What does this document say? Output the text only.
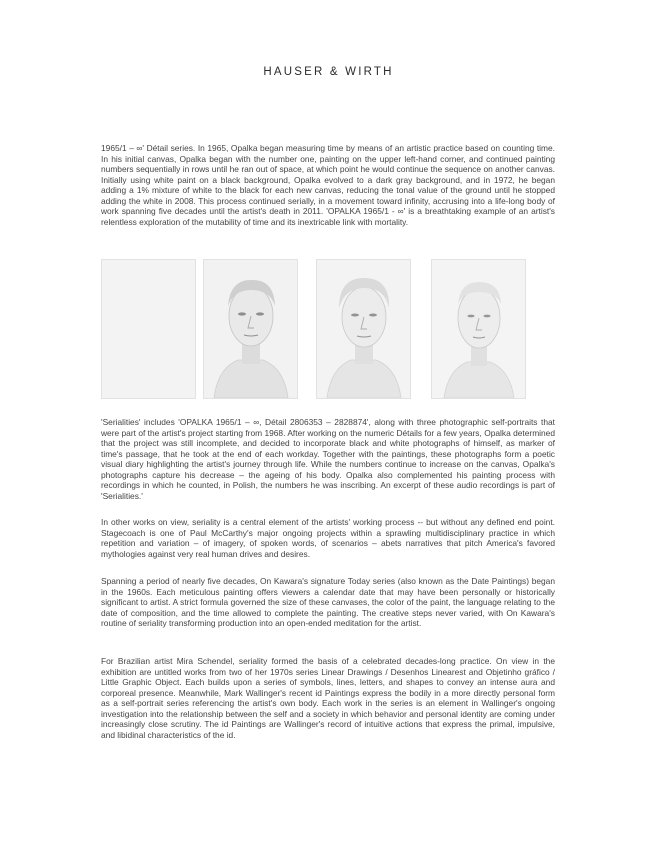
HAUSER & WIRTH

1965/1 – ∞' Détail series. In 1965, Opalka began measuring time by means of an artistic practice based on counting time. In his initial canvas, Opalka began with the number one, painting on the upper left-hand corner, and continued painting numbers sequentially in rows until he ran out of space, at which point he would continue the sequence on another canvas. Initially using white paint on a black background, Opalka evolved to a dark gray background, and in 1972, he began adding a 1% mixture of white to the black for each new canvas, reducing the tonal value of the ground until he stopped adding the white in 2008. This process continued serially, in a movement toward infinity, accrusing into a life-long body of work spanning five decades until the artist's death in 2011. 'OPALKA 1965/1 - ∞' is a breathtaking example of an artist's relentless exploration of the mutability of time and its inextricable link with mortality.

'Serialities' includes 'OPALKA 1965/1 – ∞, Détail 2806353 – 2828874', along with three photographic self-portraits that were part of the artist's project starting from 1968. After working on the numeric Détails for a few years, Opalka determined that the project was still incomplete, and decided to incorporate black and white photographs of himself, as marker of time's passage, that he took at the end of each workday. Together with the paintings, these photographs form a poetic visual diary highlighting the artist's journey through life. While the numbers continue to increase on the canvas, Opalka's photographs capture his decrease – the ageing of his body. Opalka also complemented his painting process with recordings in which he counted, in Polish, the numbers he was inscribing. An excerpt of these audio recordings is part of 'Serialities.'

In other works on view, seriality is a central element of the artists' working process -- but without any defined end point. Stagecoach is one of Paul McCarthy's major ongoing projects within a sprawling multidisciplinary practice in which repetition and variation – of imagery, of spoken words, of scenarios – abets narratives that pitch America's favored mythologies against very real human drives and desires.

Spanning a period of nearly five decades, On Kawara's signature Today series (also known as the Date Paintings) began in the 1960s. Each meticulous painting offers viewers a calendar date that may have been personally or historically significant to artist. A strict formula governed the size of these canvases, the color of the paint, the language relating to the date of composition, and the time allowed to complete the painting. The creative steps never varied, with On Kawara's routine of seriality transforming production into an open-ended meditation for the artist.

For Brazilian artist Mira Schendel, seriality formed the basis of a celebrated decades-long practice. On view in the exhibition are untitled works from two of her 1970s series Linear Drawings / Desenhos Linearest and Objetinho gráfico / Little Graphic Object. Each builds upon a series of symbols, lines, letters, and shapes to convey an intense aura and corporeal presence. Meanwhile, Mark Wallinger's recent id Paintings express the bodily in a more directly personal form as a self-portrait series referencing the artist's own body. Each work in the series is an element in Wallinger's ongoing investigation into the relationship between the self and a society in which behavior and personal identity are coming under increasingly close scrutiny. The id Paintings are Wallinger's record of intuitive actions that express the primal, impulsive, and libidinal characteristics of the id.
